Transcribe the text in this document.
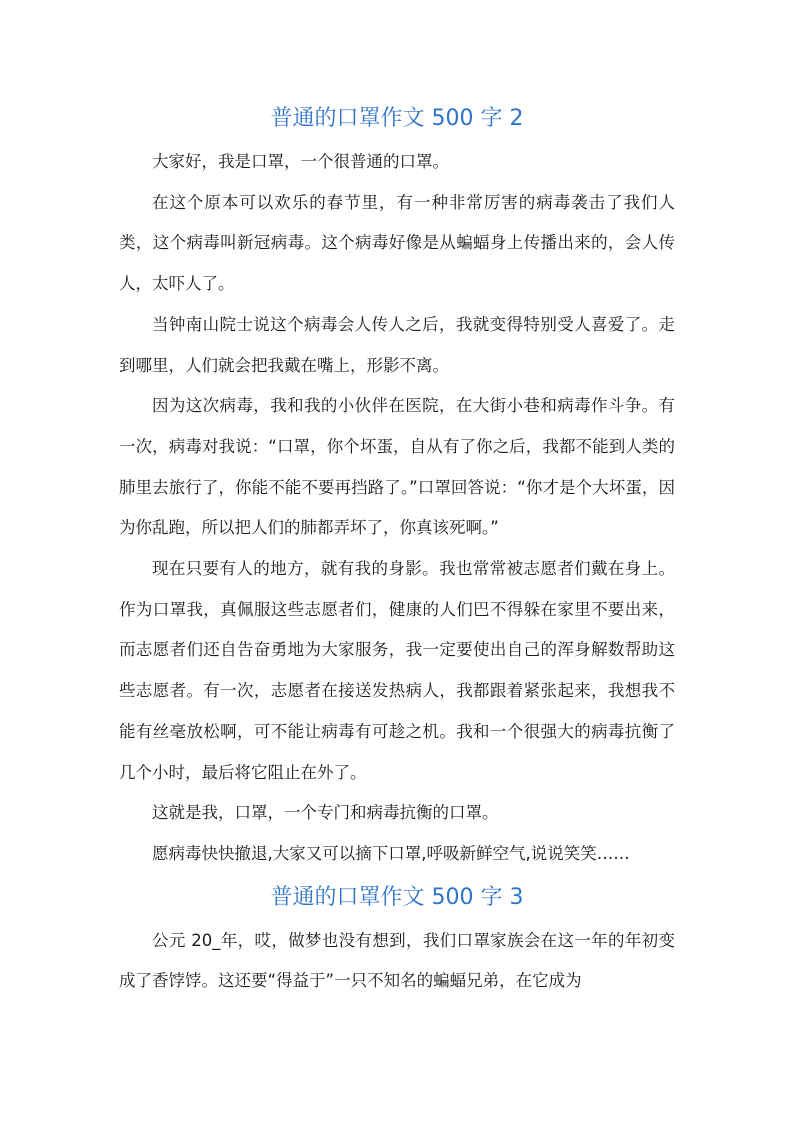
普通的口罩作文 500 字 2

大家好，我是口罩，一个很普通的口罩。

在这个原本可以欢乐的春节里，有一种非常厉害的病毒袭击了我们人类，这个病毒叫新冠病毒。这个病毒好像是从蝙蝠身上传播出来的，会人传人，太吓人了。

当钟南山院士说这个病毒会人传人之后，我就变得特别受人喜爱了。走到哪里，人们就会把我戴在嘴上，形影不离。

因为这次病毒，我和我的小伙伴在医院，在大街小巷和病毒作斗争。有一次，病毒对我说：“口罩，你个坏蛋，自从有了你之后，我都不能到人类的肺里去旅行了，你能不能不要再挡路了。”口罩回答说：“你才是个大坏蛋，因为你乱跑，所以把人们的肺都弄坏了，你真该死啊。”

现在只要有人的地方，就有我的身影。我也常常被志愿者们戴在身上。作为口罩我，真佩服这些志愿者们，健康的人们巴不得躲在家里不要出来，而志愿者们还自告奋勇地为大家服务，我一定要使出自己的浑身解数帮助这些志愿者。有一次，志愿者在接送发热病人，我都跟着紧张起来，我想我不能有丝毫放松啊，可不能让病毒有可趁之机。我和一个很强大的病毒抗衡了几个小时，最后将它阻止在外了。

这就是我，口罩，一个专门和病毒抗衡的口罩。

愿病毒快快撤退,大家又可以摘下口罩,呼吸新鲜空气,说说笑笑……

普通的口罩作文 500 字 3

公元 20_年，哎，做梦也没有想到，我们口罩家族会在这一年的年初变成了香饽饽。这还要“得益于”一只不知名的蝙蝠兄弟，在它成为
